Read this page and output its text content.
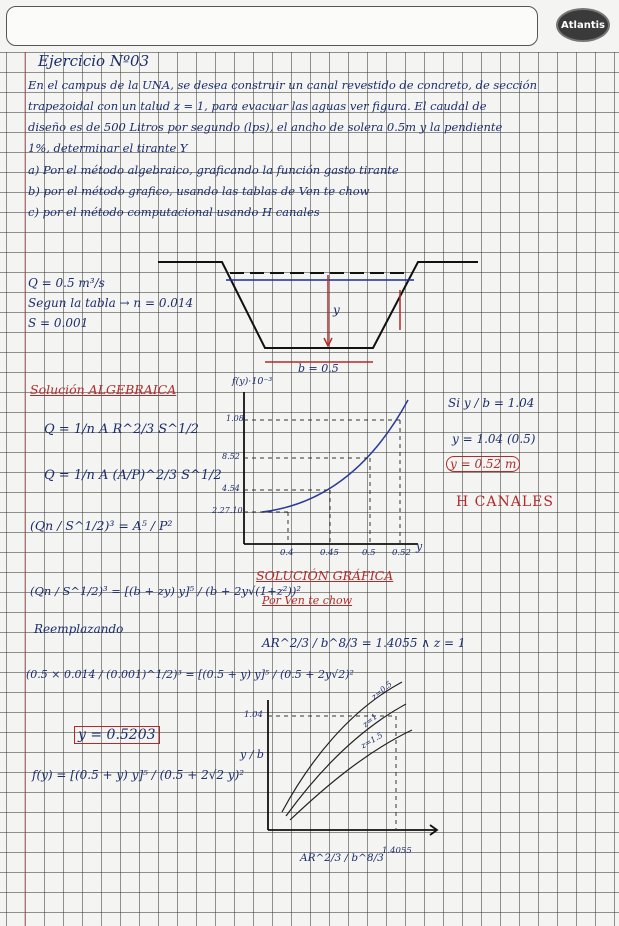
Atlantis
Ejercicio Nº03
En el campus de la UNA, se desea construir un canal revestido de concreto, de sección
trapezoidal con un talud z = 1, para evacuar las aguas ver figura. El caudal de
diseño es de 500 Litros por segundo (lps), el ancho de solera 0.5m y la pendiente
1%, determinar el tirante Y
a) Por el método algebraico, graficando la función gasto tirante
b) por el método grafico, usando las tablas de Ven te chow
c) por el método computacional usando H canales
Q = 0.5 m³/s
Segun la tabla → n = 0.014
S = 0.001
y
b = 0.5
Solución ALGEBRAICA
Q = 1/n A R^2/3 S^1/2
Q = 1/n A (A/P)^2/3 S^1/2
(Qn / S^1/2)³ = A⁵ / P²
(Qn / S^1/2)³ = [(b + zy) y]⁵ / (b + 2y√(1+z²))²
Reemplazando
(0.5 × 0.014 / (0.001)^1/2)³ = [(0.5 + y) y]⁵ / (0.5 + 2y√2)²
y = 0.5203
f(y) = [(0.5 + y) y]⁵ / (0.5 + 2√2 y)²
f(y)·10⁻³
y
1.08
8.52
4.54
2.27.10
0.4	0.45	0.5 0.52
Si y / b = 1.04
y = 1.04 (0.5)
y = 0.52 m
H CANALES
SOLUCIÓN GRÁFICA
Por Ven te chow
AR^2/3 / b^8/3 = 1.4055 ∧ z = 1
1.04
1.4055
y / b
AR^2/3 / b^8/3
z=0.5
z=1
z=1.5
